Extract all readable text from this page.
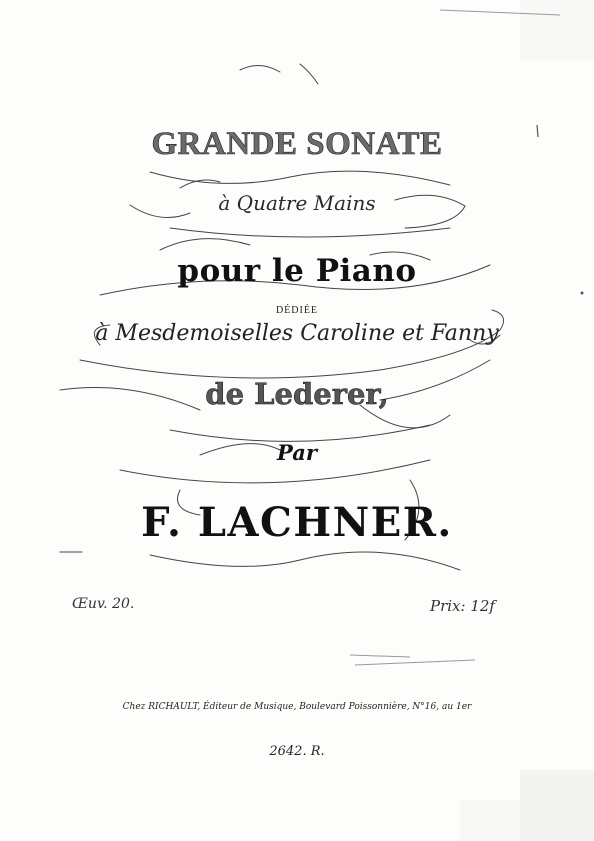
GRANDE SONATE
à Quatre Mains
pour le Piano
DÉDIÉE
à Mesdemoiselles Caroline et Fanny
de Lederer,
Par
F. LACHNER.
Œuv. 20.	Prix: 12f
Chez RICHAULT, Éditeur de Musique, Boulevard Poissonnière, N°16, au 1er
2642. R.
